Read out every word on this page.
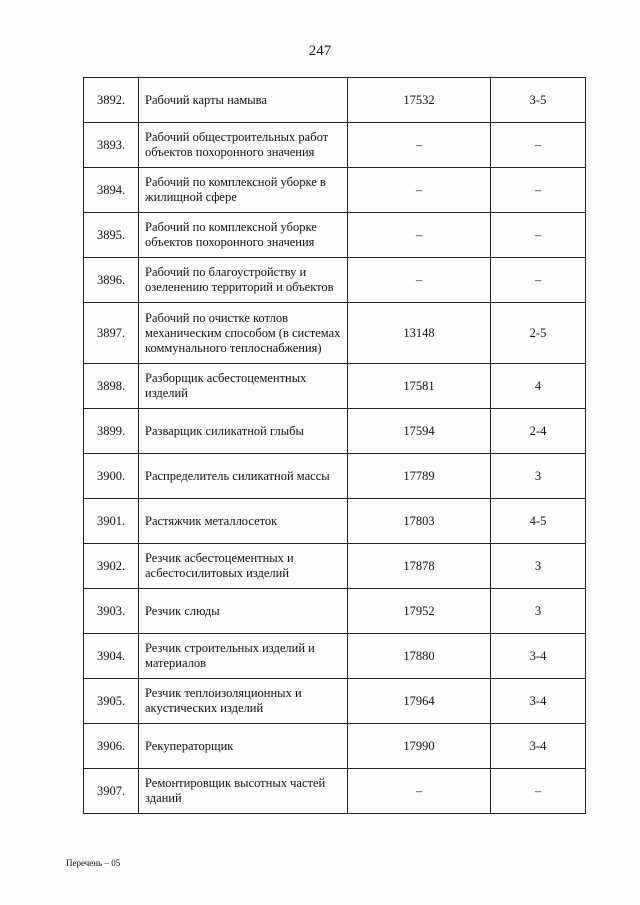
247
3892.	Рабочий карты намыва	17532	3-5
3893.	Рабочий общестроительных работ объектов похоронного значения	–	–
3894.	Рабочий по комплексной уборке в жилищной сфере	–	–
3895.	Рабочий по комплексной уборке объектов похоронного значения	–	–
3896.	Рабочий по благоустройству и озеленению территорий и объектов	–	–
3897.	Рабочий по очистке котлов механическим способом (в системах коммунального теплоснабжения)	13148	2-5
3898.	Разборщик асбестоцементных изделий	17581	4
3899.	Разварщик силикатной глыбы	17594	2-4
3900.	Распределитель силикатной массы	17789	3
3901.	Растяжчик металлосеток	17803	4-5
3902.	Резчик асбестоцементных и асбестосилитовых изделий	17878	3
3903.	Резчик слюды	17952	3
3904.	Резчик строительных изделий и материалов	17880	3-4
3905.	Резчик теплоизоляционных и акустических изделий	17964	3-4
3906.	Рекуператорщик	17990	3-4
3907.	Ремонтировщик высотных частей зданий	–	–
Перечень – 05
